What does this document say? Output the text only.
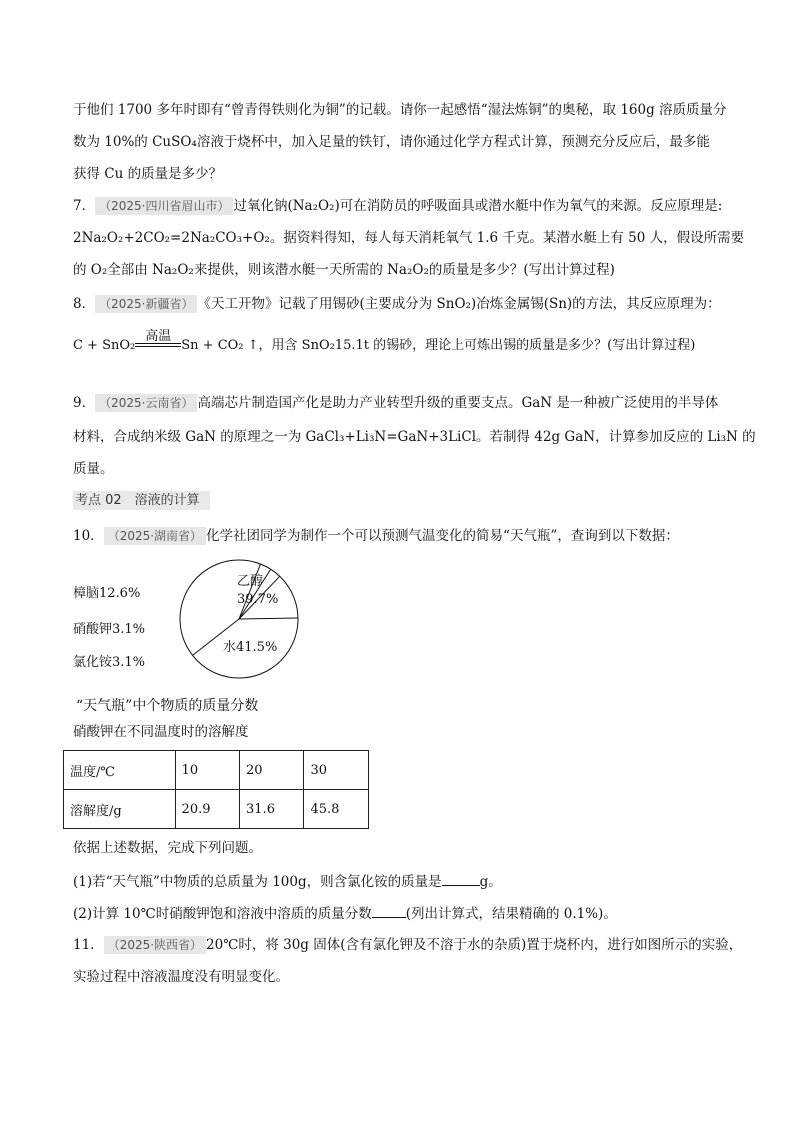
于他们 1700 多年时即有“曾青得铁则化为铜”的记载。请你一起感悟“湿法炼铜”的奥秘，取 160g 溶质质量分
数为 10%的 CuSO₄溶液于烧杯中，加入足量的铁钉，请你通过化学方程式计算，预测充分反应后，最多能
获得 Cu 的质量是多少？
7． （2025·四川省眉山市） 过氧化钠(Na₂O₂)可在消防员的呼吸面具或潜水艇中作为氧气的来源。反应原理是:
2Na₂O₂+2CO₂=2Na₂CO₃+O₂。据资料得知，每人每天消耗氧气 1.6 千克。某潜水艇上有 50 人，假设所需要
的 O₂全部由 Na₂O₂来提供，则该潜水艇一天所需的 Na₂O₂的质量是多少？(写出计算过程)
8． （2025·新疆省） 《天工开物》记载了用锡砂(主要成分为 SnO₂)冶炼金属锡(Sn)的方法，其反应原理为：
C + SnO₂
高温
Sn + CO₂ ↑，用含 SnO₂15.1t 的锡砂，理论上可炼出锡的质量是多少？(写出计算过程)
9． （2025·云南省） 高端芯片制造国产化是助力产业转型升级的重要支点。GaN 是一种被广泛使用的半导体
材料，合成纳米级 GaN 的原理之一为 GaCl₃+Li₃N=GaN+3LiCl。若制得 42g GaN，计算参加反应的 Li₃N 的
质量。
考点 02　溶液的计算
10． （2025·湖南省） 化学社团同学为制作一个可以预测气温变化的简易“天气瓶”，查询到以下数据：
乙醇
39.7%
水41.5%
樟脑12.6%
硝酸钾3.1%
氯化铵3.1%
“天气瓶”中个物质的质量分数
硝酸钾在不同温度时的溶解度
温度/℃	10	20	30
溶解度/g	20.9	31.6	45.8
依据上述数据，完成下列问题。
(1)若“天气瓶”中物质的总质量为 100g，则含氯化铵的质量是	g。
(2)计算 10℃时硝酸钾饱和溶液中溶质的质量分数	(列出计算式，结果精确的 0.1%)。
11． （2025·陕西省） 20℃时，将 30g 固体(含有氯化钾及不溶于水的杂质)置于烧杯内，进行如图所示的实验，
实验过程中溶液温度没有明显变化。
